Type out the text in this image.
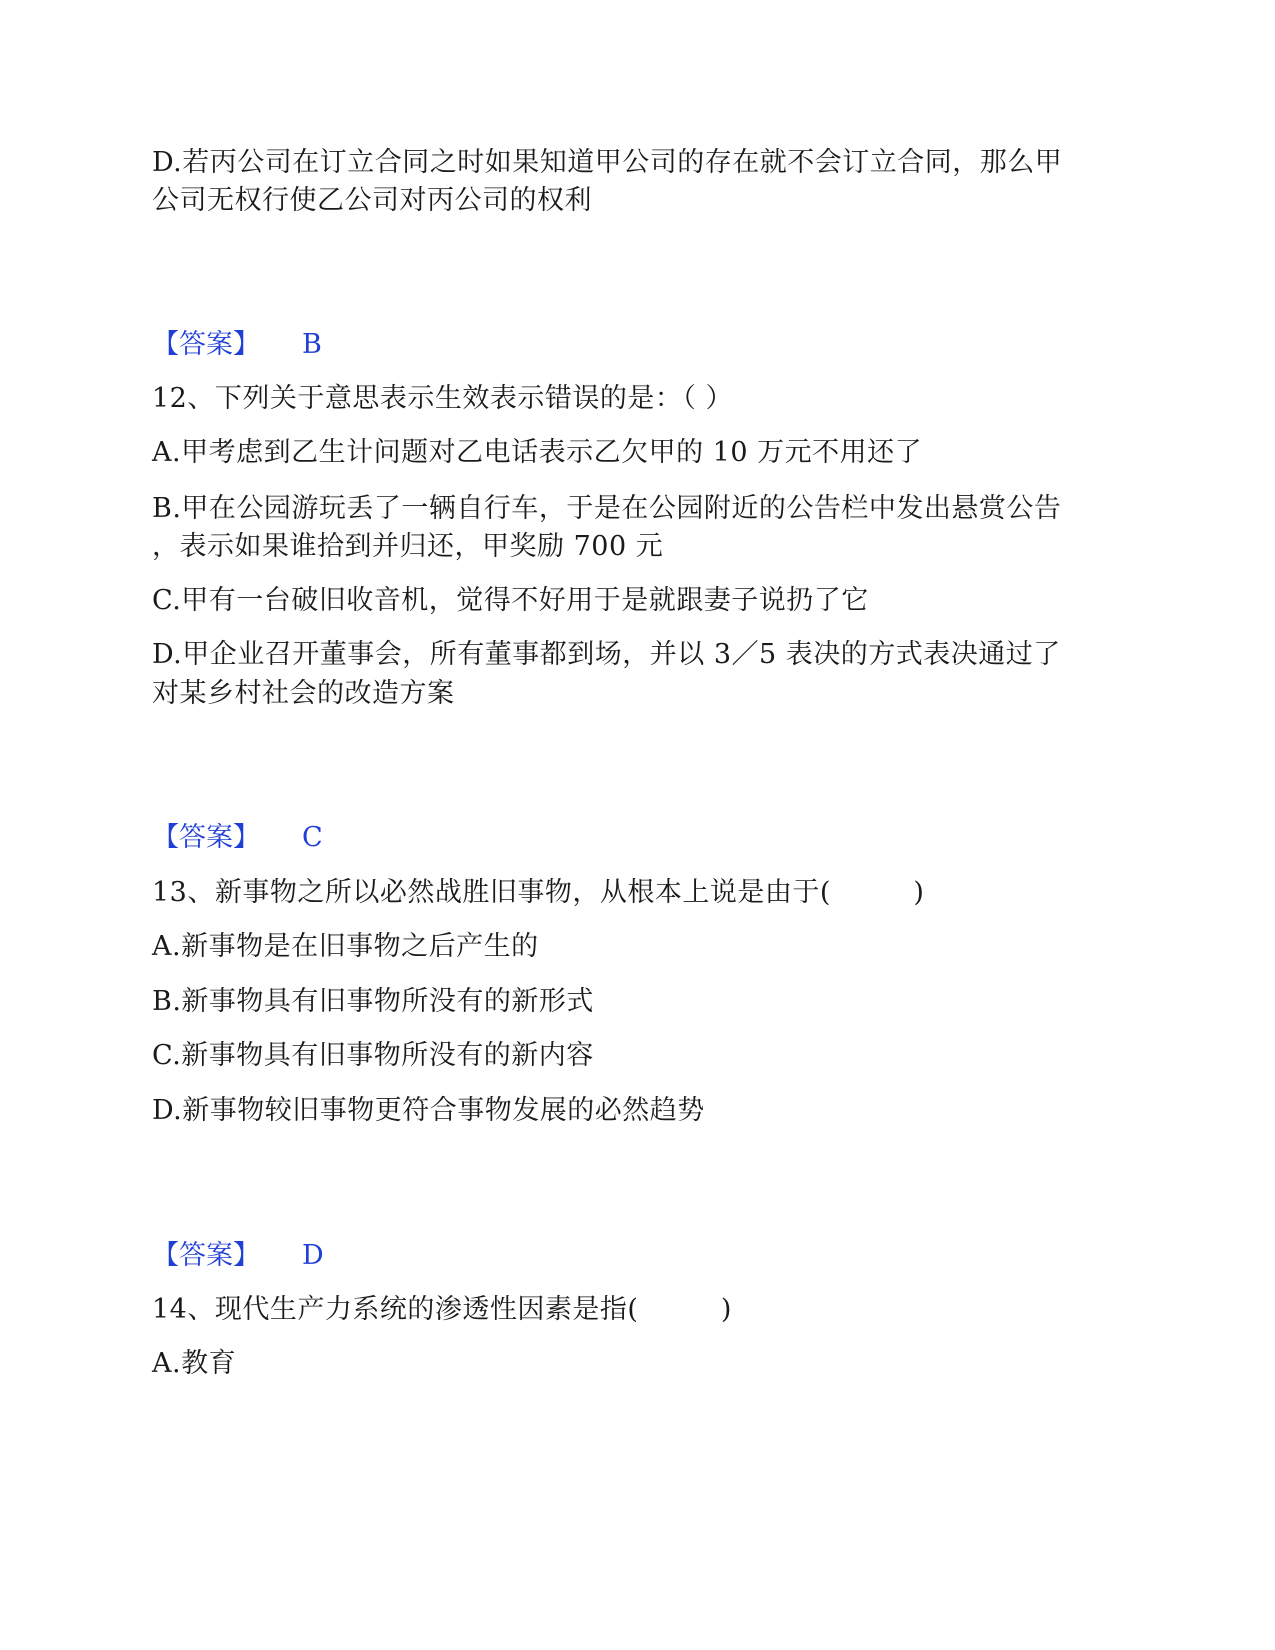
D.若丙公司在订立合同之时如果知道甲公司的存在就不会订立合同，那么甲
公司无权行使乙公司对丙公司的权利
【答案】 B
12、下列关于意思表示生效表示错误的是：（ ）
A.甲考虑到乙生计问题对乙电话表示乙欠甲的 10 万元不用还了
B.甲在公园游玩丢了一辆自行车，于是在公园附近的公告栏中发出悬赏公告
，表示如果谁拾到并归还，甲奖励 700 元
C.甲有一台破旧收音机，觉得不好用于是就跟妻子说扔了它
D.甲企业召开董事会，所有董事都到场，并以 3／5 表决的方式表决通过了
对某乡村社会的改造方案
【答案】 C
13、新事物之所以必然战胜旧事物，从根本上说是由于(　　　)
A.新事物是在旧事物之后产生的
B.新事物具有旧事物所没有的新形式
C.新事物具有旧事物所没有的新内容
D.新事物较旧事物更符合事物发展的必然趋势
【答案】 D
14、现代生产力系统的渗透性因素是指(　　　)
A.教育
